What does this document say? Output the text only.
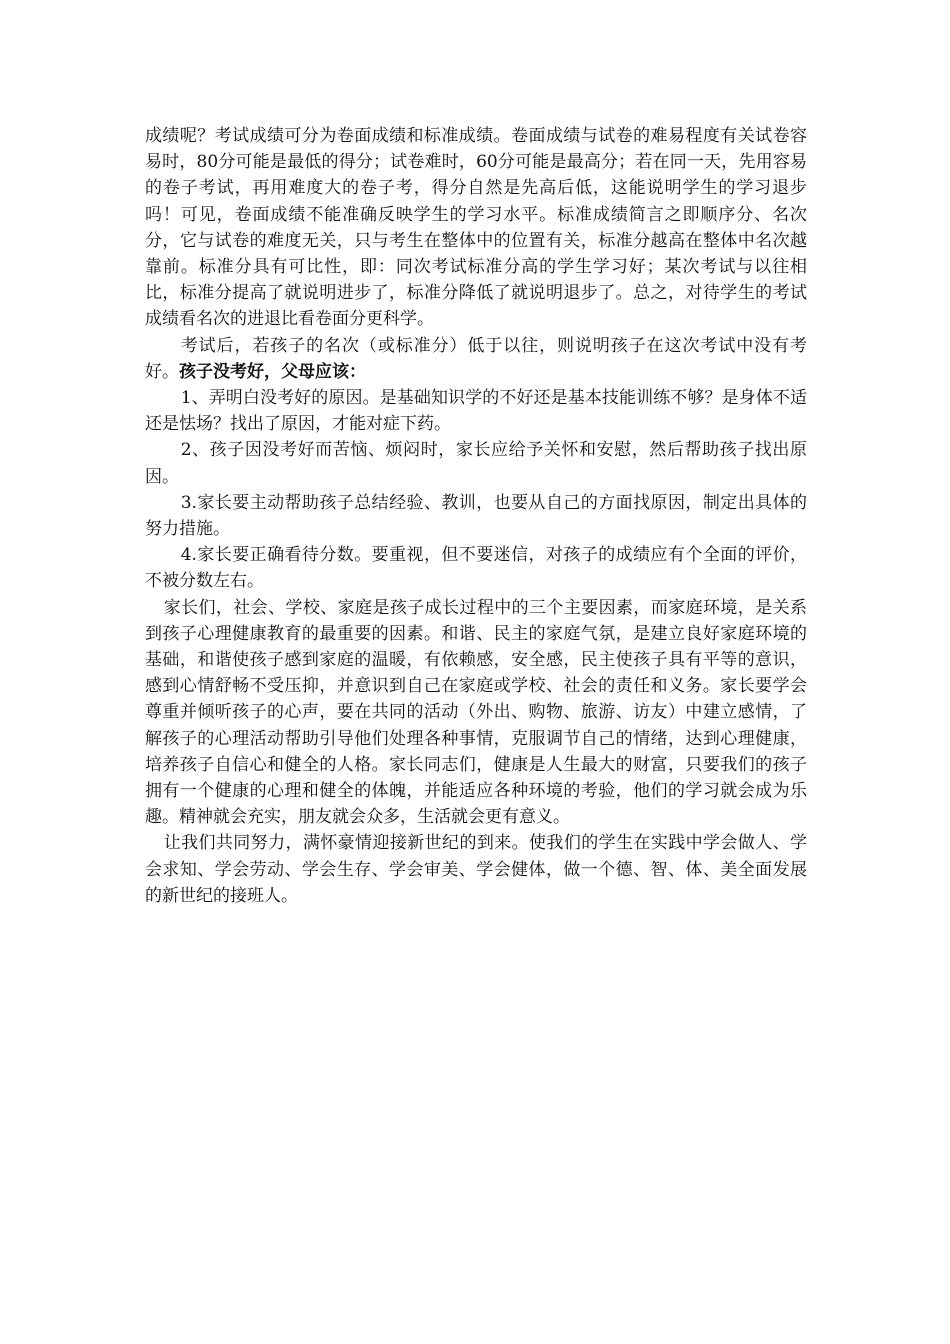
成绩呢？考试成绩可分为卷面成绩和标准成绩。卷面成绩与试卷的难易程度有关试卷容易时，80分可能是最低的得分；试卷难时，60分可能是最高分；若在同一天，先用容易的卷子考试，再用难度大的卷子考，得分自然是先高后低，这能说明学生的学习退步吗！可见，卷面成绩不能准确反映学生的学习水平。标准成绩简言之即顺序分、名次分，它与试卷的难度无关，只与考生在整体中的位置有关，标准分越高在整体中名次越靠前。标准分具有可比性，即：同次考试标准分高的学生学习好；某次考试与以往相比，标准分提高了就说明进步了，标准分降低了就说明退步了。总之，对待学生的考试成绩看名次的进退比看卷面分更科学。

考试后，若孩子的名次（或标准分）低于以往，则说明孩子在这次考试中没有考好。孩子没考好，父母应该：

1、弄明白没考好的原因。是基础知识学的不好还是基本技能训练不够？是身体不适还是怯场？找出了原因，才能对症下药。

2、孩子因没考好而苦恼、烦闷时，家长应给予关怀和安慰，然后帮助孩子找出原因。

3.家长要主动帮助孩子总结经验、教训，也要从自己的方面找原因，制定出具体的努力措施。

4.家长要正确看待分数。要重视，但不要迷信，对孩子的成绩应有个全面的评价，不被分数左右。

家长们，社会、学校、家庭是孩子成长过程中的三个主要因素，而家庭环境，是关系到孩子心理健康教育的最重要的因素。和谐、民主的家庭气氛，是建立良好家庭环境的基础，和谐使孩子感到家庭的温暖，有依赖感，安全感，民主使孩子具有平等的意识，感到心情舒畅不受压抑，并意识到自己在家庭或学校、社会的责任和义务。家长要学会尊重并倾听孩子的心声，要在共同的活动（外出、购物、旅游、访友）中建立感情，了解孩子的心理活动帮助引导他们处理各种事情，克服调节自己的情绪，达到心理健康，培养孩子自信心和健全的人格。家长同志们，健康是人生最大的财富，只要我们的孩子拥有一个健康的心理和健全的体魄，并能适应各种环境的考验，他们的学习就会成为乐趣。精神就会充实，朋友就会众多，生活就会更有意义。

让我们共同努力，满怀豪情迎接新世纪的到来。使我们的学生在实践中学会做人、学会求知、学会劳动、学会生存、学会审美、学会健体，做一个德、智、体、美全面发展的新世纪的接班人。
